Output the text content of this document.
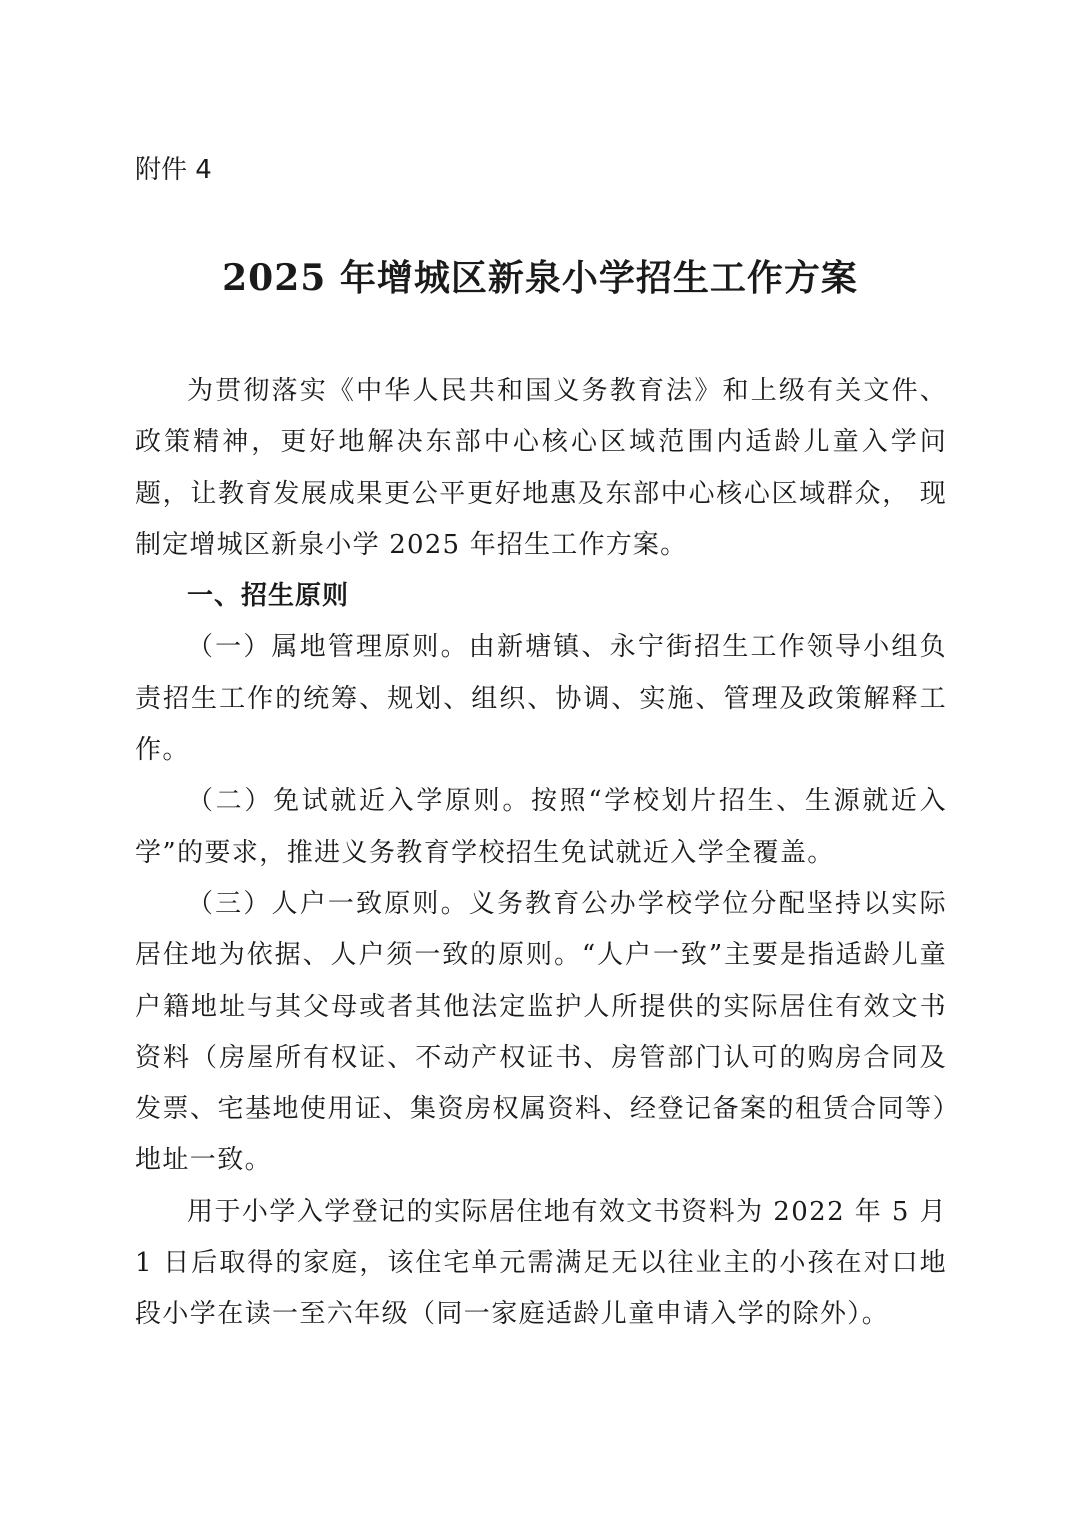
附件 4
2025 年增城区新泉小学招生工作方案

为贯彻落实《中华人民共和国义务教育法》和上级有关文件、 政策精神，更好地解决东部中心核心区域范围内适龄儿童入学问题，让教育发展成果更公平更好地惠及东部中心核心区域群众， 现制定增城区新泉小学 2025 年招生工作方案。

一、招生原则

（一）属地管理原则。由新塘镇、永宁街招生工作领导小组负责招生工作的统筹、规划、组织、协调、实施、管理及政策解释工作。

（二）免试就近入学原则。按照“学校划片招生、生源就近入学”的要求，推进义务教育学校招生免试就近入学全覆盖。

（三）人户一致原则。义务教育公办学校学位分配坚持以实际居住地为依据、人户须一致的原则。“人户一致”主要是指适龄儿童户籍地址与其父母或者其他法定监护人所提供的实际居住有效文书资料（房屋所有权证、不动产权证书、房管部门认可的购房合同及发票、宅基地使用证、集资房权属资料、经登记备案的租赁合同等）地址一致。

用于小学入学登记的实际居住地有效文书资料为 2022 年 5 月 1 日后取得的家庭，该住宅单元需满足无以往业主的小孩在对口地段小学在读一至六年级（同一家庭适龄儿童申请入学的除外）。
